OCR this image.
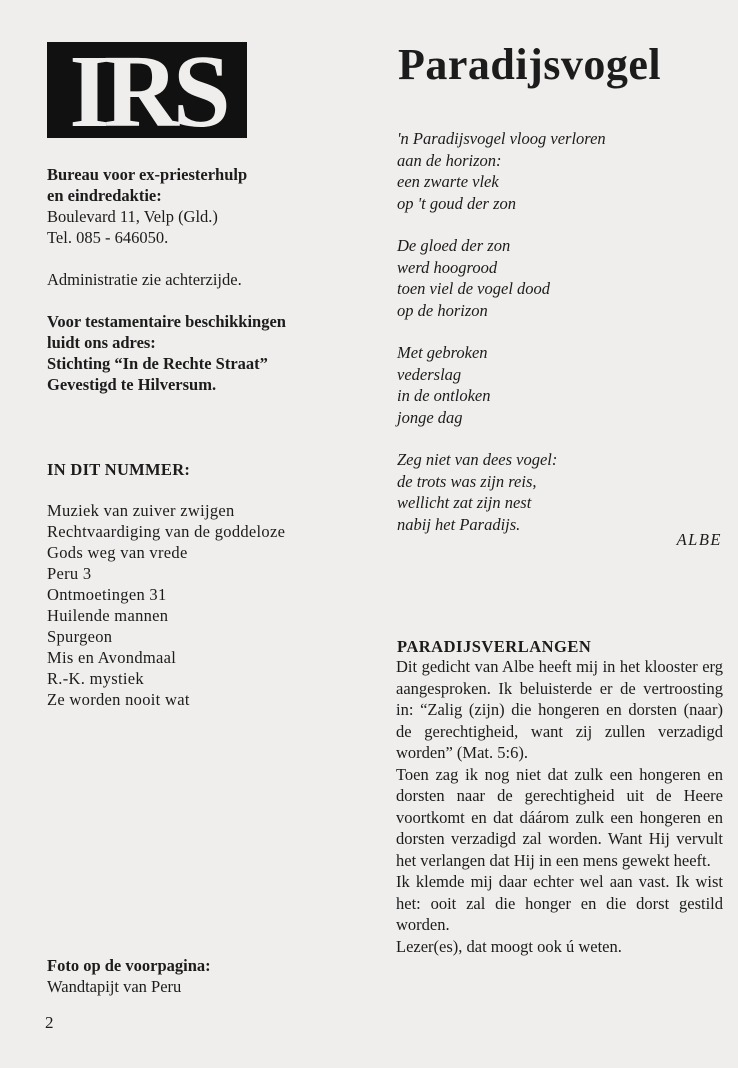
IRS

Bureau voor ex-priesterhulp

en eindredaktie:

Boulevard 11, Velp (Gld.)

Tel. 085 - 646050.

Administratie zie achterzijde.

Voor testamentaire beschikkingen

luidt ons adres:

Stichting “In de Rechte Straat”

Gevestigd te Hilversum.

IN DIT NUMMER:

Muziek van zuiver zwijgen
Rechtvaardiging van de goddeloze
Gods weg van vrede
Peru 3
Ontmoetingen 31
Huilende mannen
Spurgeon
Mis en Avondmaal
R.-K. mystiek
Ze worden nooit wat
Foto op de voorpagina:
Wandtapijt van Peru
2
Paradijsvogel
'n Paradijsvogel vloog verloren
aan de horizon:
een zwarte vlek
op 't goud der zon
De gloed der zon
werd hoogrood
toen viel de vogel dood
op de horizon
Met gebroken
vederslag
in de ontloken
jonge dag
Zeg niet van dees vogel:
de trots was zijn reis,
wellicht zat zijn nest
nabij het Paradijs.
ALBE
PARADIJSVERLANGEN

Dit gedicht van Albe heeft mij in het klooster erg aangesproken. Ik beluisterde er de vertroosting in: “Zalig (zijn) die hongeren en dorsten (naar) de gerechtigheid, want zij zullen verzadigd worden” (Mat. 5:6).

Toen zag ik nog niet dat zulk een hongeren en dorsten naar de gerechtigheid uit de Heere voortkomt en dat dáárom zulk een hongeren en dorsten verzadigd zal worden. Want Hij vervult het verlangen dat Hij in een mens gewekt heeft.

Ik klemde mij daar echter wel aan vast. Ik wist het: ooit zal die honger en die dorst gestild worden.

Lezer(es), dat moogt ook ú weten.
